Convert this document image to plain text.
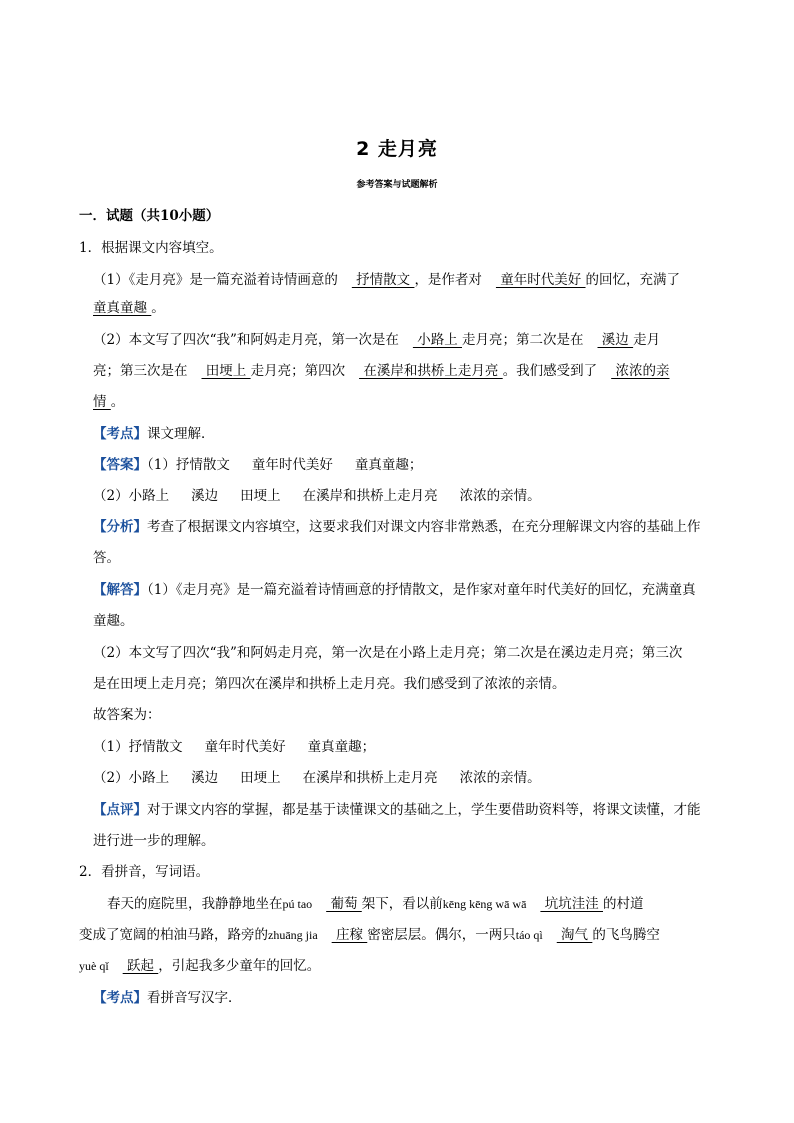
2 走月亮
参考答案与试题解析
一．试题（共10小题）
1．根据课文内容填空。
（1）《走月亮》是一篇充溢着诗情画意的 抒情散文 ，是作者对 童年时代美好 的回忆，充满了
童真童趣 。
（2）本文写了四次“我”和阿妈走月亮，第一次是在 小路上 走月亮；第二次是在 溪边 走月
亮；第三次是在 田埂上 走月亮；第四次 在溪岸和拱桥上走月亮 。我们感受到了 浓浓的亲
情 。
【考点】课文理解．
【答案】（1）抒情散文 童年时代美好 童真童趣；
（2）小路上 溪边 田埂上 在溪岸和拱桥上走月亮 浓浓的亲情。
【分析】考查了根据课文内容填空，这要求我们对课文内容非常熟悉，在充分理解课文内容的基础上作
答。
【解答】（1）《走月亮》是一篇充溢着诗情画意的抒情散文，是作家对童年时代美好的回忆，充满童真
童趣。
（2）本文写了四次“我”和阿妈走月亮，第一次是在小路上走月亮；第二次是在溪边走月亮；第三次
是在田埂上走月亮；第四次在溪岸和拱桥上走月亮。我们感受到了浓浓的亲情。
故答案为：
（1）抒情散文 童年时代美好 童真童趣；
（2）小路上 溪边 田埂上 在溪岸和拱桥上走月亮 浓浓的亲情。
【点评】对于课文内容的掌握，都是基于读懂课文的基础之上，学生要借助资料等，将课文读懂，才能
进行进一步的理解。
2．看拼音，写词语。
春天的庭院里，我静静地坐在pú tao 葡萄 架下，看以前kēng kēng wā wā 坑坑洼洼 的村道
变成了宽阔的柏油马路，路旁的zhuāng jia 庄稼 密密层层。偶尔，一两只táo qì 淘气 的飞鸟腾空
yuè qǐ 跃起 ，引起我多少童年的回忆。
【考点】看拼音写汉字．
